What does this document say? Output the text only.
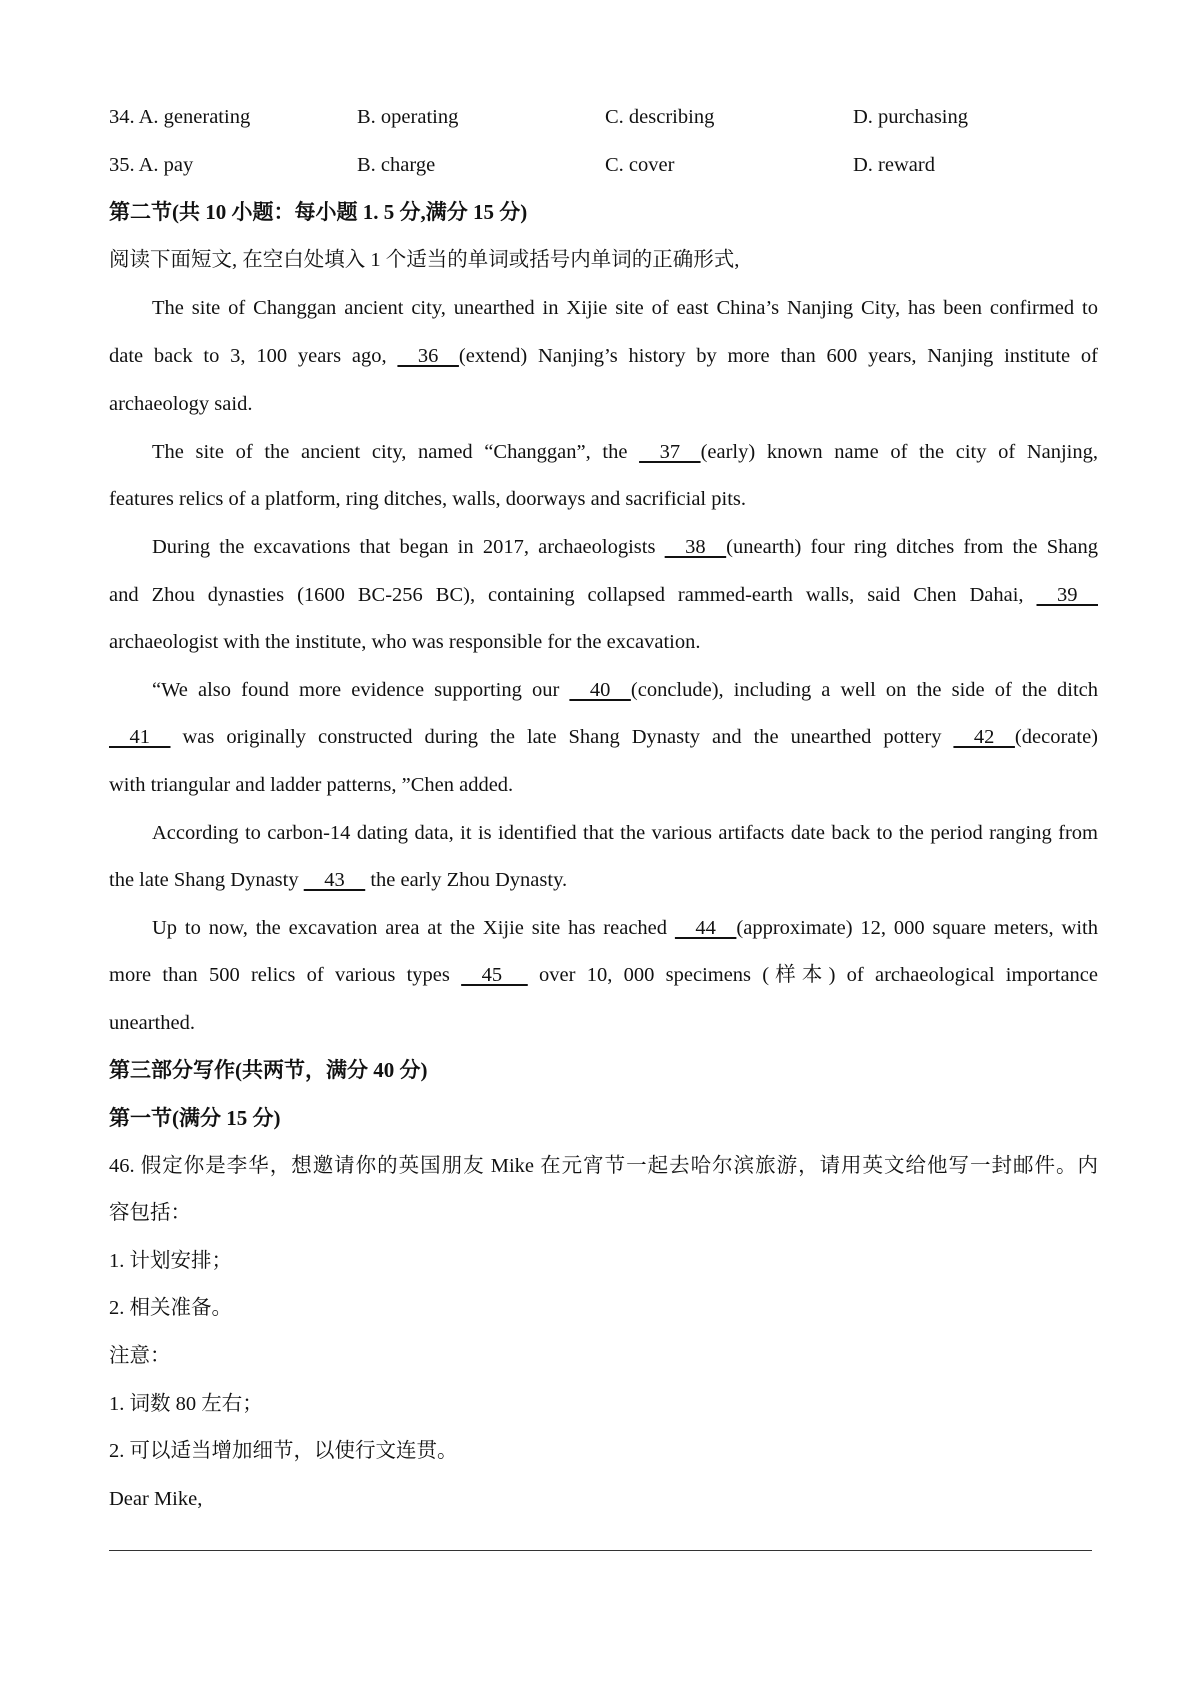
34. A. generating	B. operating	C. describing	D. purchasing
35. A. pay	B. charge	C. cover	D. reward
第二节(共 10 小题：每小题 1. 5 分,满分 15 分)
阅读下面短文, 在空白处填入 1 个适当的单词或括号内单词的正确形式,
The site of Changgan ancient city, unearthed in Xijie site of east China’s Nanjing City, has been confirmed to
date back to 3, 100 years ago,     36    (extend) Nanjing’s history by more than 600 years, Nanjing institute of
archaeology said.
The site of the ancient city, named “Changgan”, the     37    (early) known name of the city of Nanjing,
features relics of a platform, ring ditches, walls, doorways and sacrificial pits.
During the excavations that began in 2017, archaeologists     38    (unearth) four ring ditches from the Shang
and Zhou dynasties (1600 BC-256 BC), containing collapsed rammed-earth walls, said Chen Dahai,     39
archaeologist with the institute, who was responsible for the excavation.
“We also found more evidence supporting our     40    (conclude), including a well on the side of the ditch
41     was originally constructed during the late Shang Dynasty and the unearthed pottery     42    (decorate)
with triangular and ladder patterns, ”Chen added.
According to carbon-14 dating data, it is identified that the various artifacts date back to the period ranging from
the late Shang Dynasty     43     the early Zhou Dynasty.
Up to now, the excavation area at the Xijie site has reached     44    (approximate) 12, 000 square meters, with
more than 500 relics of various types     45      over 10, 000 specimens (样本) of archaeological importance
unearthed.
第三部分写作(共两节，满分 40 分)
第一节(满分 15 分)
46. 假定你是李华，想邀请你的英国朋友 Mike 在元宵节一起去哈尔滨旅游，请用英文给他写一封邮件。内
容包括：
1. 计划安排；
2. 相关准备。
注意：
1. 词数 80 左右；
2. 可以适当增加细节，以使行文连贯。
Dear Mike,
